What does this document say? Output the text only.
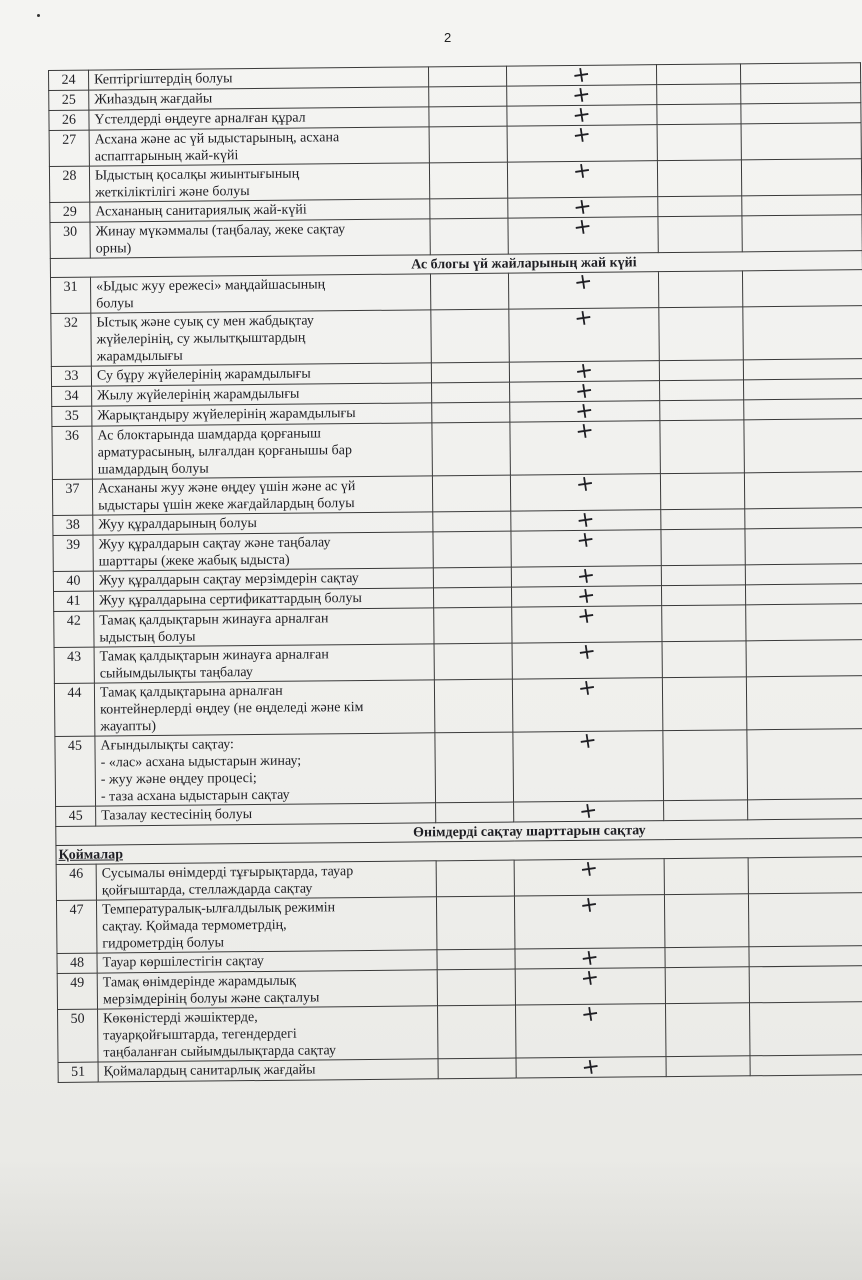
2
24	Кептіргіштердің болуы		+		
25	Жиһаздың жағдайы		+		
26	Үстелдерді өңдеуге арналған құрал		+		
27	Асхана және ас үй ыдыстарының, асхана
аспаптарының жай-күйі		+		
28	Ыдыстың қосалқы жиынтығының
жеткіліктілігі және болуы		+		
29	Асхананың санитариялық жай-күйі		+		
30	Жинау мүкәммалы (таңбалау, жеке сақтау
орны)		+		
Ас блогы үй жайларының жай күйі					
31	«Ыдыс жуу ережесі» маңдайшасының
болуы		+		
32	Ыстық және суық су мен жабдықтау
жүйелерінің, су жылытқыштардың
жарамдылығы		+		
33	Су бұру жүйелерінің жарамдылығы		+		
34	Жылу жүйелерінің жарамдылығы		+		
35	Жарықтандыру жүйелерінің жарамдылығы		+		
36	Ас блоктарында шамдарда қорғаныш
арматурасының, ылғалдан қорғанышы бар
шамдардың болуы		+		
37	Асхананы жуу және өңдеу үшін және ас үй
ыдыстары үшін жеке жағдайлардың болуы		+		
38	Жуу құралдарының болуы		+		
39	Жуу құралдарын сақтау және таңбалау
шарттары (жеке жабық ыдыста)		+		
40	Жуу құралдарын сақтау мерзімдерін сақтау		+		
41	Жуу құралдарына сертификаттардың болуы		+		
42	Тамақ қалдықтарын жинауға арналған
ыдыстың болуы		+		
43	Тамақ қалдықтарын жинауға арналған
сыйымдылықты таңбалау		+		
44	Тамақ қалдықтарына арналған
контейнерлерді өңдеу (не өңделеді және кім
жауапты)		+		
45	Ағындылықты сақтау:
- «лас» асхана ыдыстарын жинау;
- жуу және өңдеу процесі;
- таза асхана ыдыстарын сақтау		+		
45	Тазалау кестесінің болуы		+		
Өнімдерді сақтау шарттарын сақтау					
Қоймалар					
46	Сусымалы өнімдерді тұғырықтарда, тауар
қойғыштарда, стеллаждарда сақтау		+		
47	Температуралық-ылғалдылық режимін
сақтау. Қоймада термометрдің,
гидрометрдің болуы		+		
48	Тауар көршілестігін сақтау		+		
49	Тамақ өнімдерінде жарамдылық
мерзімдерінің болуы және сақталуы		+		
50	Көкөністерді жәшіктерде,
тауарқойғыштарда, тегендердегі
таңбаланған сыйымдылықтарда сақтау		+		
51	Қоймалардың санитарлық жағдайы		+		
